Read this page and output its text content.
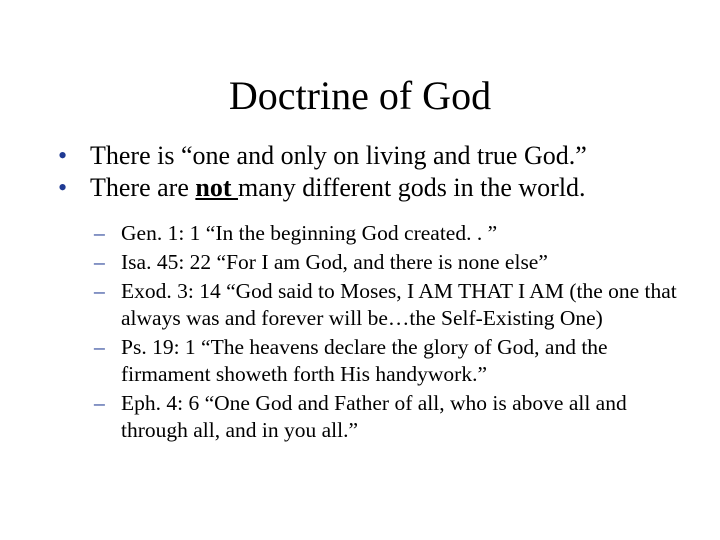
Doctrine of God
• There is “one and only on living and true God.”
• There are not many different gods in the world.
– Gen. 1: 1 “In the beginning God created. . ”
– Isa. 45: 22 “For I am God, and there is none else”
– Exod. 3: 14 “God said to Moses, I AM THAT I AM (the one that always was and forever will be…the Self-Existing One)
– Ps. 19: 1 “The heavens declare the glory of God, and the firmament showeth forth His handywork.”
– Eph. 4: 6 “One God and Father of all, who is above all and through all, and in you all.”
